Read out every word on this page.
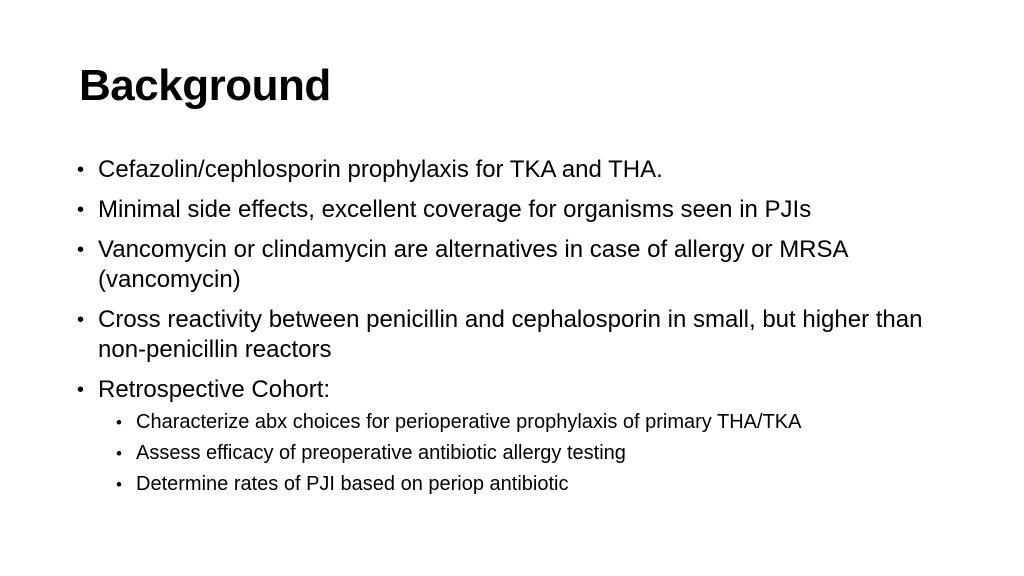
Background
• Cefazolin/cephlosporin prophylaxis for TKA and THA.
• Minimal side effects, excellent coverage for organisms seen in PJIs
• Vancomycin or clindamycin are alternatives in case of allergy or MRSA (vancomycin)
• Cross reactivity between penicillin and cephalosporin in small, but higher than non-penicillin reactors
• Retrospective Cohort:
• Characterize abx choices for perioperative prophylaxis of primary THA/TKA
• Assess efficacy of preoperative antibiotic allergy testing
• Determine rates of PJI based on periop antibiotic
